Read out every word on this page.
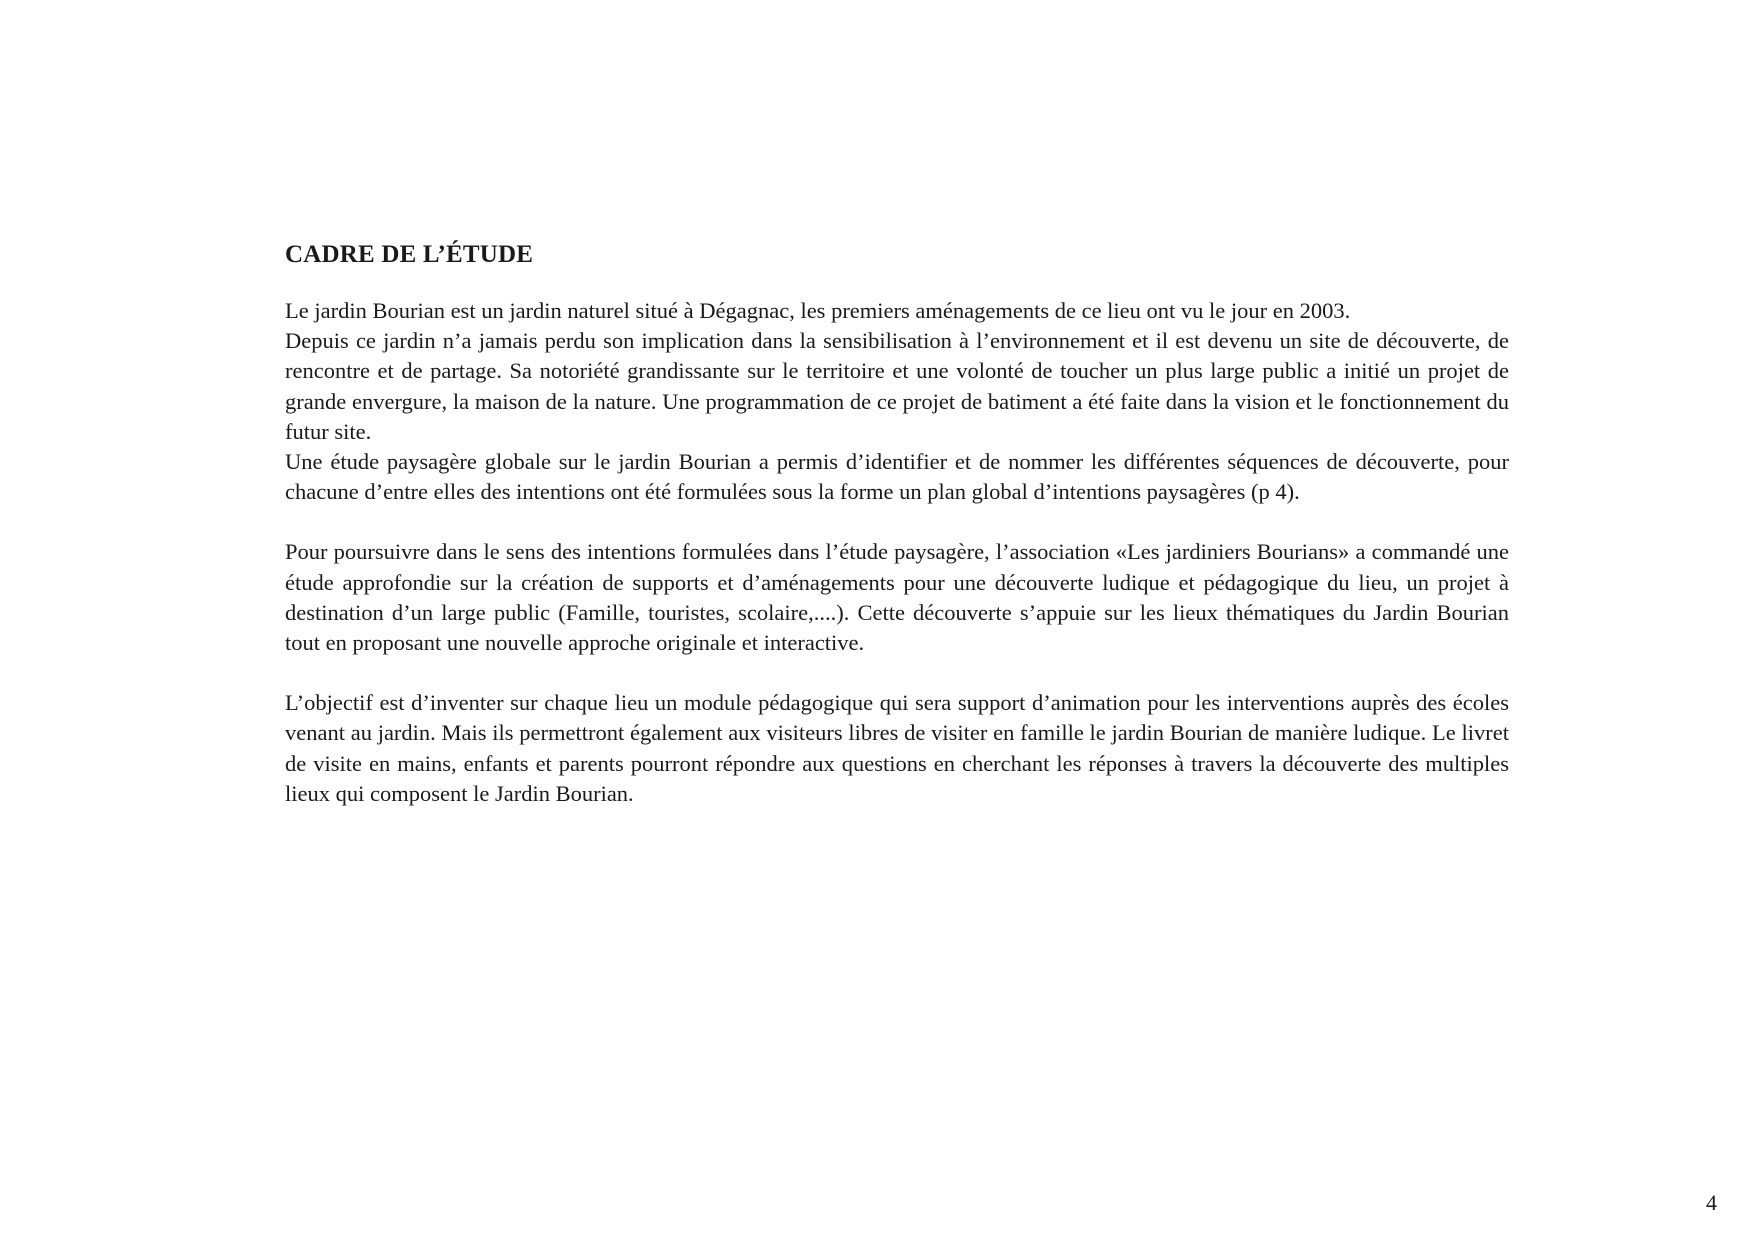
CADRE DE L’ÉTUDE

Le jardin Bourian est un jardin naturel situé à Dégagnac, les premiers aménagements de ce lieu ont vu le jour en 2003.
Depuis ce jardin n’a jamais perdu son implication dans la sensibilisation à l’environnement et il est devenu un site de découverte, de rencontre et de partage. Sa notoriété grandissante sur le territoire et une volonté de toucher un plus large public a initié un projet de grande envergure, la maison de la nature. Une programmation de ce projet de batiment a été faite dans la vision et le fonctionnement du futur site.
Une étude paysagère globale sur le jardin Bourian a permis d’identifier et de nommer les différentes séquences de découverte, pour chacune d’entre elles des intentions ont été formulées sous la forme un plan global d’intentions paysagères (p 4).

Pour poursuivre dans le sens des intentions formulées dans l’étude paysagère, l’association «Les jardiniers Bourians» a commandé une étude approfondie sur la création de supports et d’aménagements pour une découverte ludique et pédagogique du lieu, un projet à destination d’un large public (Famille, touristes, scolaire,....). Cette découverte s’appuie sur les lieux thématiques du Jardin Bourian tout en proposant une nouvelle approche originale et interactive.

L’objectif est d’inventer sur chaque lieu un module pédagogique qui sera support d’animation pour les interventions auprès des écoles venant au jardin. Mais ils permettront également aux visiteurs libres de visiter en famille le jardin Bourian de manière ludique. Le livret de visite en mains, enfants et parents pourront répondre aux questions en cherchant les réponses à travers la découverte des multiples lieux qui composent le Jardin Bourian.

4
